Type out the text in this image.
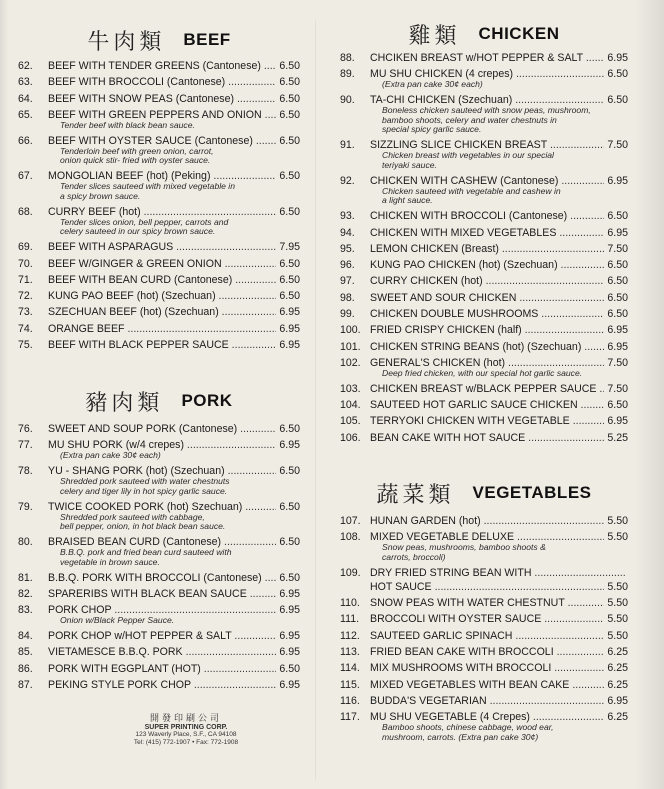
牛肉類 BEEF
62.	BEEF WITH TENDER GREENS (Cantonese) .....	6.50
63.	BEEF WITH BROCCOLI (Cantonese) .....	6.50
64.	BEEF WITH SNOW PEAS (Cantonese) .....	6.50
65.	BEEF WITH GREEN PEPPERS AND ONION .....	6.50
Tender beef with black bean sauce.
66.	BEEF WITH OYSTER SAUCE (Cantonese) .....	6.50
Tenderloin beef with green onion, carrot,
onion quick stir- fried with oyster sauce.
67.	MONGOLIAN BEEF (hot) (Peking) .....	6.50
Tender slices sauteed with mixed vegetable in
a spicy brown sauce.
68.	CURRY BEEF (hot) .....	6.50
Tender slices onion, bell pepper, carrots and
celery sauteed in our spicy brown sauce.
69.	BEEF WITH ASPARAGUS .....	7.95
70.	BEEF W/GINGER & GREEN ONION .....	6.50
71.	BEEF WITH BEAN CURD (Cantonese) .....	6.50
72.	KUNG PAO BEEF (hot) (Szechuan) .....	6.50
73.	SZECHUAN BEEF (hot) (Szechuan) .....	6.95
74.	ORANGE BEEF .....	6.95
75.	BEEF WITH BLACK PEPPER SAUCE .....	6.95
豬肉類 PORK
76.	SWEET AND SOUP PORK (Cantonese) .....	6.50
77.	MU SHU PORK (w/4 crepes) .....	6.95
(Extra pan cake 30¢ each)
78.	YU - SHANG PORK (hot) (Szechuan) .....	6.50
Shredded pork sauteed with water chestnuts
celery and tiger lily in hot spicy garlic sauce.
79.	TWICE COOKED PORK (hot) Szechuan) .....	6.50
Shredded pork sauteed with cabbage,
bell pepper, onion, in hot black bean sauce.
80.	BRAISED BEAN CURD (Cantonese) .....	6.50
B.B.Q. pork and fried bean curd sauteed with
vegetable in brown sauce.
81.	B.B.Q. PORK WITH BROCCOLI (Cantonese) .....	6.50
82.	SPARERIBS WITH BLACK BEAN SAUCE .....	6.95
83.	PORK CHOP .....	6.95
Onion w/Black Pepper Sauce.
84.	PORK CHOP w/HOT PEPPER & SALT .....	6.95
85.	VIETAMESCE B.B.Q. PORK .....	6.95
86.	PORK WITH EGGPLANT (HOT) .....	6.50
87.	PEKING STYLE PORK CHOP .....	6.95
開發印刷公司
SUPER PRINTING CORP.
123 Waverly Place, S.F., CA 94108
Tel: (415) 772-1907 • Fax: 772-1908
雞類 CHICKEN
88.	CHCIKEN BREAST w/HOT PEPPER & SALT .....	6.95
89.	MU SHU CHICKEN (4 crepes) .....	6.50
(Extra pan cake 30¢ each)
90.	TA-CHI CHICKEN (Szechuan) .....	6.50
Boneless chicken sauteed with snow peas, mushroom,
bamboo shoots, celery and water chestnuts in
special spicy garlic sauce.
91.	SIZZLING SLICE CHICKEN BREAST .....	7.50
Chicken breast with vegetables in our special
teriyaki sauce.
92.	CHICKEN WITH CASHEW (Cantonese) .....	6.95
Chicken sauteed with vegetable and cashew in
a light sauce.
93.	CHICKEN WITH BROCCOLI (Cantonese) .....	6.50
94.	CHICKEN WITH MIXED VEGETABLES .....	6.95
95.	LEMON CHICKEN (Breast) .....	7.50
96.	KUNG PAO CHICKEN (hot) (Szechuan) .....	6.50
97.	CURRY CHICKEN (hot) .....	6.50
98.	SWEET AND SOUR CHICKEN .....	6.50
99.	CHICKEN DOUBLE MUSHROOMS .....	6.50
100. FRIED CRISPY CHICKEN (half) .....	6.95
101. CHICKEN STRING BEANS (hot) (Szechuan) .....	6.95
102. GENERAL'S CHICKEN (hot) .....	7.50
Deep fried chicken, with our special hot garlic sauce.
103. CHICKEN BREAST w/BLACK PEPPER SAUCE .....	7.50
104. SAUTEED HOT GARLIC SAUCE CHICKEN .....	6.50
105. TERRYOKI CHICKEN WITH VEGETABLE .....	6.95
106. BEAN CAKE WITH HOT SAUCE .....	5.25
蔬菜類 VEGETABLES
107. HUNAN GARDEN (hot) .....	5.50
108. MIXED VEGETABLE DELUXE .....	5.50
Snow peas, mushrooms, bamboo shoots &
carrots, broccoli)
109. DRY FRIED STRING BEAN WITH .....
HOT SAUCE .....	5.50
110. SNOW PEAS WITH WATER CHESTNUT .....	5.50
111.	BROCCOLI WITH OYSTER SAUCE .....	5.50
112. SAUTEED GARLIC SPINACH .....	5.50
113. FRIED BEAN CAKE WITH BROCCOLI .....	6.25
114. MIX MUSHROOMS WITH BROCCOLI .....	6.25
115. MIXED VEGETABLES WITH BEAN CAKE .....	6.25
116. BUDDA'S VEGETARIAN .....	6.95
117. MU SHU VEGETABLE (4 Crepes) .....	6.25
Bamboo shoots, chinese cabbage, wood ear,
mushroom, carrots. (Extra pan cake 30¢)
